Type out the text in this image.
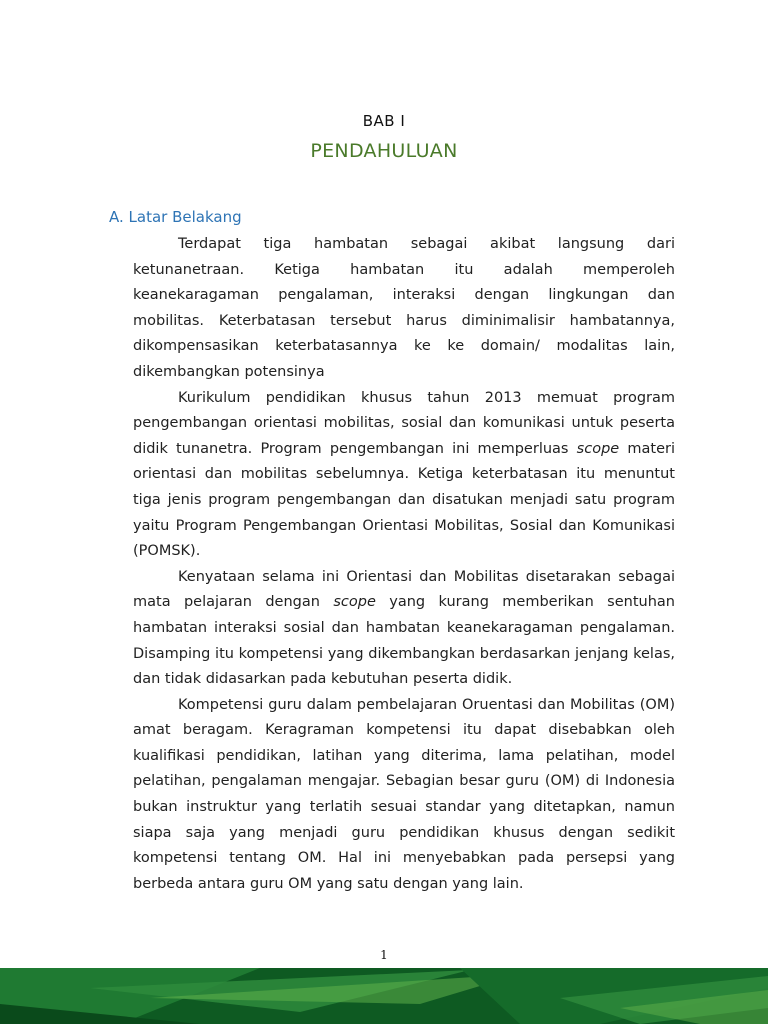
BAB I
PENDAHULUAN
A. Latar Belakang

Terdapat tiga hambatan sebagai akibat langsung dari ketunanetraan. Ketiga hambatan itu adalah memperoleh keanekaragaman pengalaman, interaksi dengan lingkungan dan mobilitas. Keterbatasan tersebut harus diminimalisir hambatannya, dikompensasikan keterbatasannya ke ke domain/ modalitas lain, dikembangkan potensinya

Kurikulum pendidikan khusus tahun 2013 memuat program pengembangan orientasi mobilitas, sosial dan komunikasi untuk peserta didik tunanetra. Program pengembangan ini memperluas scope materi orientasi dan mobilitas sebelumnya. Ketiga keterbatasan itu menuntut tiga jenis program pengembangan dan disatukan menjadi satu program yaitu Program Pengembangan Orientasi Mobilitas, Sosial dan Komunikasi (POMSK).

Kenyataan selama ini Orientasi dan Mobilitas disetarakan sebagai mata pelajaran dengan scope yang kurang memberikan sentuhan hambatan interaksi sosial dan hambatan keanekaragaman pengalaman. Disamping itu kompetensi yang dikembangkan berdasarkan jenjang kelas, dan tidak didasarkan pada kebutuhan peserta didik.

Kompetensi guru dalam pembelajaran Oruentasi dan Mobilitas (OM) amat beragam. Keragraman kompetensi itu dapat disebabkan oleh kualifikasi pendidikan, latihan yang diterima, lama pelatihan, model pelatihan, pengalaman mengajar. Sebagian besar guru (OM) di Indonesia bukan instruktur yang terlatih sesuai standar yang ditetapkan, namun siapa saja yang menjadi guru pendidikan khusus dengan sedikit kompetensi tentang OM. Hal ini menyebabkan pada persepsi yang berbeda antara guru OM yang satu dengan yang lain.

1
